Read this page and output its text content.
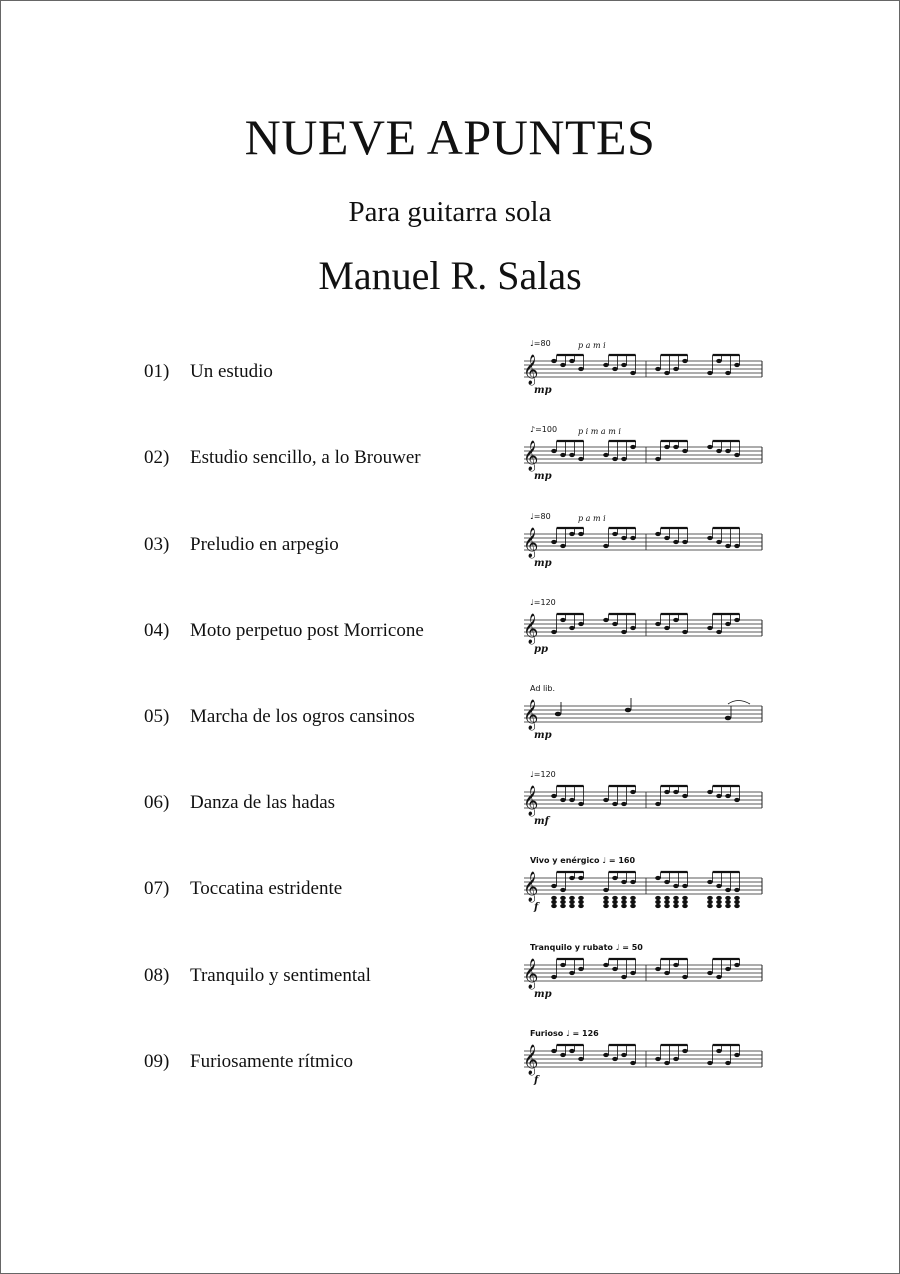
NUEVE APUNTES
Para guitarra sola
Manuel R. Salas
01) Un estudio	𝄞
♩=80	p a m i
mp
02) Estudio sencillo, a lo Brouwer	𝄞
♪=100	p i m a m i
mp
03) Preludio en arpegio	𝄞
♩=80	p a m i
mp
04) Moto perpetuo post Morricone	𝄞
♩=120
pp
05) Marcha de los ogros cansinos	𝄞
Ad lib.
mp
06) Danza de las hadas	𝄞
♩=120
mf
07) Toccatina estridente	𝄞
Vivo y enérgico ♩ = 160
f
08) Tranquilo y sentimental	𝄞
Tranquilo y rubato ♩ = 50
mp
09) Furiosamente rítmico	𝄞
Furioso ♩ = 126
f
